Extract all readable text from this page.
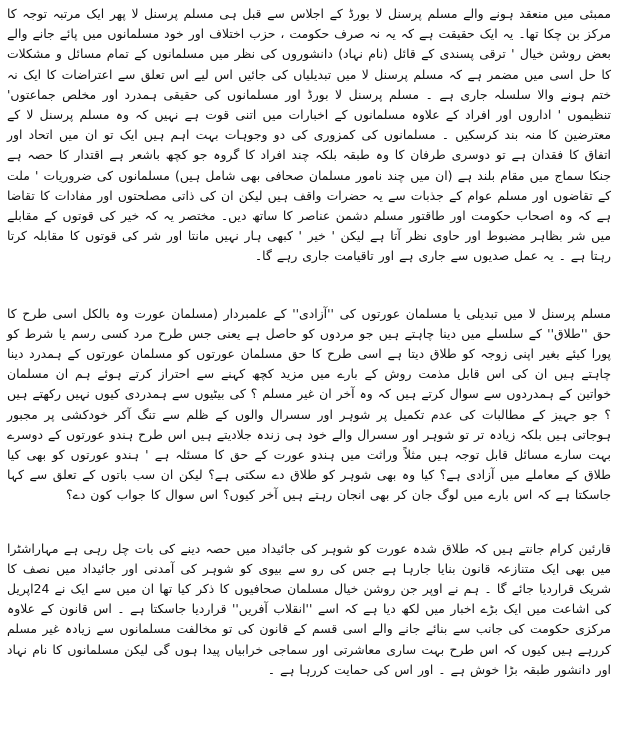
ممبئی میں منعقد ہونے والے مسلم پرسنل لا بورڈ کے اجلاس سے قبل ہی مسلم پرسنل لا پھر ایک مرتبہ توجہ کا مرکز بن چکا تھا۔ یہ ایک حقیقت ہے کہ یہ نہ صرف حکومت ، حزب اختلاف اور خود مسلمانوں میں پائے جانے والے بعض روشن خیال ' ترقی پسندی کے قائل (نام نہاد) دانشوروں کی نظر میں مسلمانوں کے تمام مسائل و مشکلات کا حل اسی میں مضمر ہے کہ مسلم پرسنل لا میں تبدیلیاں کی جائیں اس لیے اس تعلق سے اعتراضات کا ایک نہ ختم ہونے والا سلسلہ جاری ہے ۔ مسلم پرسنل لا بورڈ اور مسلمانوں کی حقیقی ہمدرد اور مخلص جماعتوں' تنظیموں ' اداروں اور افراد کے علاوہ مسلمانوں کے اخبارات میں اتنی قوت ہے نہیں کہ وہ مسلم پرسنل لا کے معترضین کا منہ بند کرسکیں ۔ مسلمانوں کی کمزوری کی دو وجوہات بہت اہم ہیں ایک تو ان میں اتحاد اور اتفاق کا فقدان ہے تو دوسری طرفان کا وہ طبقہ بلکہ چند افراد کا گروہ جو کچھ باشعر ہے اقتدار کا حصہ ہے جنکا سماج میں مقام بلند ہے (ان میں چند نامور مسلمان صحافی بھی شامل ہیں) مسلمانوں کی ضروریات ' ملت کے تقاضوں اور مسلم عوام کے جذبات سے یہ حضرات واقف ہیں لیکن ان کی ذاتی مصلحتوں اور مفادات کا تقاضا ہے کہ وہ اصحاب حکومت اور طاقتور مسلم دشمن عناصر کا ساتھ دیں۔ مختصر یہ کہ خیر کی قوتوں کے مقابلے میں شر بظاہر مضبوط اور حاوی نظر آتا ہے لیکن ' خیر ' کبھی ہار نہیں مانتا اور شر کی قوتوں کا مقابلہ کرتا رہتا ہے ۔ یہ عمل صدیوں سے جاری ہے اور تاقیامت جاری رہے گا۔

مسلم پرسنل لا میں تبدیلی یا مسلمان عورتوں کی ''آزادی'' کے علمبردار (مسلمان عورت وہ بالکل اسی طرح کا حق ''طلاق'' کے سلسلے میں دینا چاہتے ہیں جو مردوں کو حاصل ہے یعنی جس طرح مرد کسی رسم یا شرط کو پورا کیئے بغیر اپنی زوجہ کو طلاق دیتا ہے اسی طرح کا حق مسلمان عورتوں کو مسلمان عورتوں کے ہمدرد دینا چاہتے ہیں ان کی اس قابل مذمت روش کے بارے میں مزید کچھ کہنے سے احتراز کرتے ہوئے ہم ان مسلمان خواتین کے ہمدردوں سے سوال کرتے ہیں کہ وہ آخر ان غیر مسلم ؟ کی بیٹیوں سے ہمدردی کیوں نہیں رکھتے ہیں ؟ جو جہیز کے مطالبات کی عدم تکمیل پر شوہر اور سسرال والوں کے ظلم سے تنگ آکر خودکشی پر مجبور ہوجاتی ہیں بلکہ زیادہ تر تو شوہر اور سسرال والے خود ہی زندہ جلادیتے ہیں اس طرح ہندو عورتوں کے دوسرے بہت سارے مسائل قابل توجہ ہیں مثلاً وراثت میں ہندو عورت کے حق کا مسئلہ ہے ' ہندو عورتوں کو بھی کیا طلاق کے معاملے میں آزادی ہے؟ کیا وہ بھی شوہر کو طلاق دے سکتی ہے؟ لیکن ان سب باتوں کے تعلق سے کہا جاسکتا ہے کہ اس بارے میں لوگ جان کر بھی انجان رہتے ہیں آخر کیوں؟ اس سوال کا جواب کون دے؟

قارئین کرام جانتے ہیں کہ طلاق شدہ عورت کو شوہر کی جائیداد میں حصہ دینے کی بات چل رہی ہے مہاراشٹرا میں بھی ایک متنازعہ قانون بنایا جارہا ہے جس کی رو سے بیوی کو شوہر کی آمدنی اور جائیداد میں نصف کا شریک قراردیا جائے گا ۔ ہم نے اوپر جن روشن خیال مسلمان صحافیوں کا ذکر کیا تھا ان میں سے ایک نے 24اپریل کی اشاعت میں ایک بڑے اخبار میں لکھ دیا ہے کہ اسے ''انقلاب آفریں'' قراردیا جاسکتا ہے ۔ اس قانون کے علاوہ مرکزی حکومت کی جانب سے بنائے جانے والے اسی قسم کے قانون کی تو مخالفت مسلمانوں سے زیادہ غیر مسلم کررہے ہیں کیوں کہ اس طرح بہت ساری معاشرتی اور سماجی خرابیاں پیدا ہوں گی لیکن مسلمانوں کا نام نہاد اور دانشور طبقہ بڑا خوش ہے ۔ اور اس کی حمایت کررہا ہے ۔
